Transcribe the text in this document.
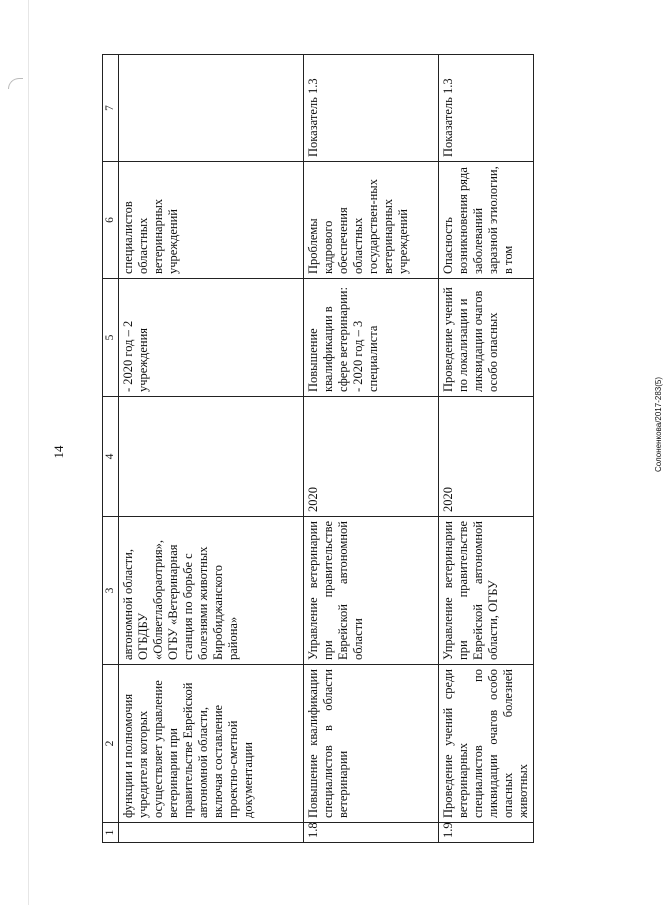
14	Солоненкова/2017-283(5)
1	2	3	4	5	6	7
	функции и полномочия учредителя которых осуществляет управление ветеринарии при правительстве Еврейской автономной области, включая составление проектно-сметной документации	автономной области, ОГБДБУ «Облветлабораотрия», ОГБУ «Ветеринарная станция по борьбе с болезнями животных Биробиджанского района»		- 2020 год – 2 учреждения	специалистов областных ветеринарных учреждений	
1.8	Повышение квалификации специалистов в области ветеринарии	Управление ветеринарии при правительстве Еврейской автономной области	2020	Повышение квалификации в сфере ветеринарии: - 2020 год – 3 специалиста	Проблемы кадрового обеспечения областных государствен-ных ветеринарных учреждений	Показатель 1.3
1.9	Проведение учений среди ветеринарных специалистов по ликвидации очагов особо опасных болезней животных	Управление ветеринарии при правительстве Еврейской автономной области, ОГБУ	2020	Проведение учений по локализации и ликвидации очагов особо опасных	Опасность возникновения ряда заболеваний заразной этиологии, в том	Показатель 1.3
